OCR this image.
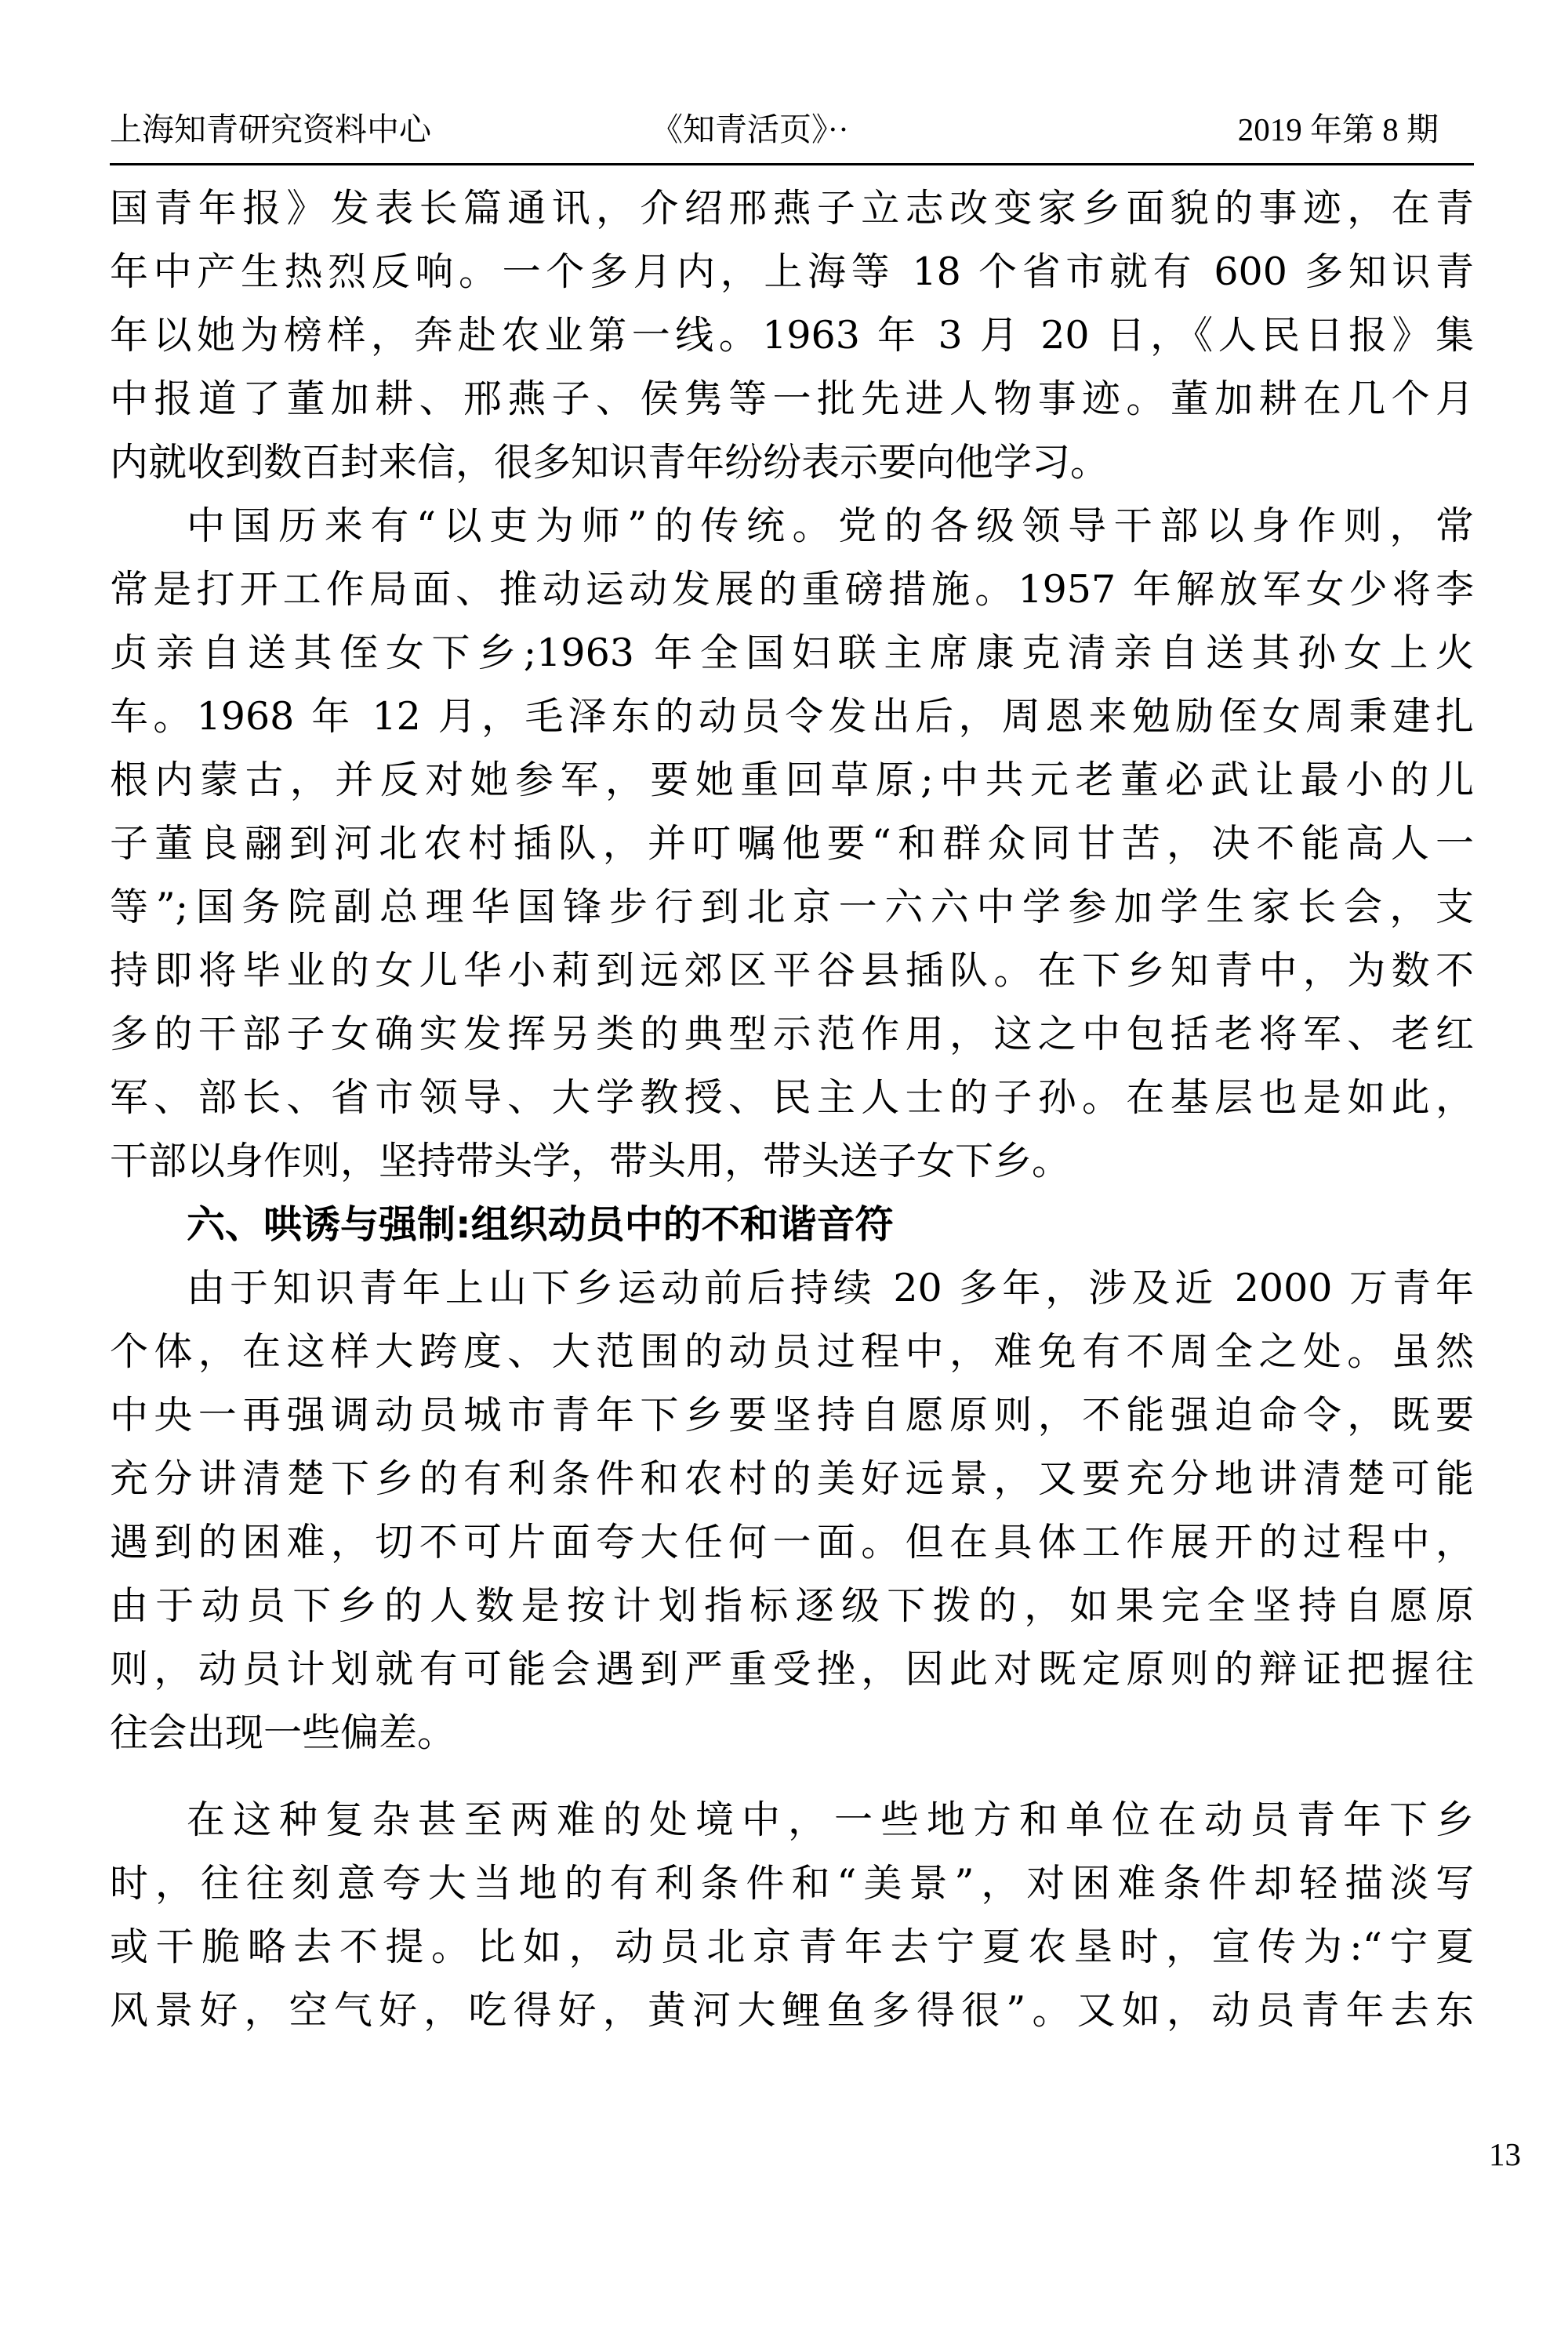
上海知青研究资料中心	《知青活页》··	2019 年第 8 期
国青年报》发表长篇通讯，介绍邢燕子立志改变家乡面貌的事迹，在青
年中产生热烈反响。一个多月内，上海等 18 个省市就有 600 多知识青
年以她为榜样，奔赴农业第一线。1963 年 3 月 20 日，《人民日报》集
中报道了董加耕、邢燕子、侯隽等一批先进人物事迹。董加耕在几个月
内就收到数百封来信，很多知识青年纷纷表示要向他学习。
中国历来有“以吏为师”的传统。党的各级领导干部以身作则，常
常是打开工作局面、推动运动发展的重磅措施。1957 年解放军女少将李
贞亲自送其侄女下乡;1963 年全国妇联主席康克清亲自送其孙女上火
车。1968 年 12 月，毛泽东的动员令发出后，周恩来勉励侄女周秉建扎
根内蒙古，并反对她参军，要她重回草原;中共元老董必武让最小的儿
子董良翮到河北农村插队，并叮嘱他要“和群众同甘苦，决不能高人一
等”;国务院副总理华国锋步行到北京一六六中学参加学生家长会，支
持即将毕业的女儿华小莉到远郊区平谷县插队。在下乡知青中，为数不
多的干部子女确实发挥另类的典型示范作用，这之中包括老将军、老红
军、部长、省市领导、大学教授、民主人士的子孙。在基层也是如此，
干部以身作则，坚持带头学，带头用，带头送子女下乡。
六、哄诱与强制:组织动员中的不和谐音符
由于知识青年上山下乡运动前后持续 20 多年，涉及近 2000 万青年
个体，在这样大跨度、大范围的动员过程中，难免有不周全之处。虽然
中央一再强调动员城市青年下乡要坚持自愿原则，不能强迫命令，既要
充分讲清楚下乡的有利条件和农村的美好远景，又要充分地讲清楚可能
遇到的困难，切不可片面夸大任何一面。但在具体工作展开的过程中，
由于动员下乡的人数是按计划指标逐级下拨的，如果完全坚持自愿原
则，动员计划就有可能会遇到严重受挫，因此对既定原则的辩证把握往
往会出现一些偏差。
在这种复杂甚至两难的处境中，一些地方和单位在动员青年下乡
时，往往刻意夸大当地的有利条件和“美景”，对困难条件却轻描淡写
或干脆略去不提。比如，动员北京青年去宁夏农垦时，宣传为:“宁夏
风景好，空气好，吃得好，黄河大鲤鱼多得很”。又如，动员青年去东
13
